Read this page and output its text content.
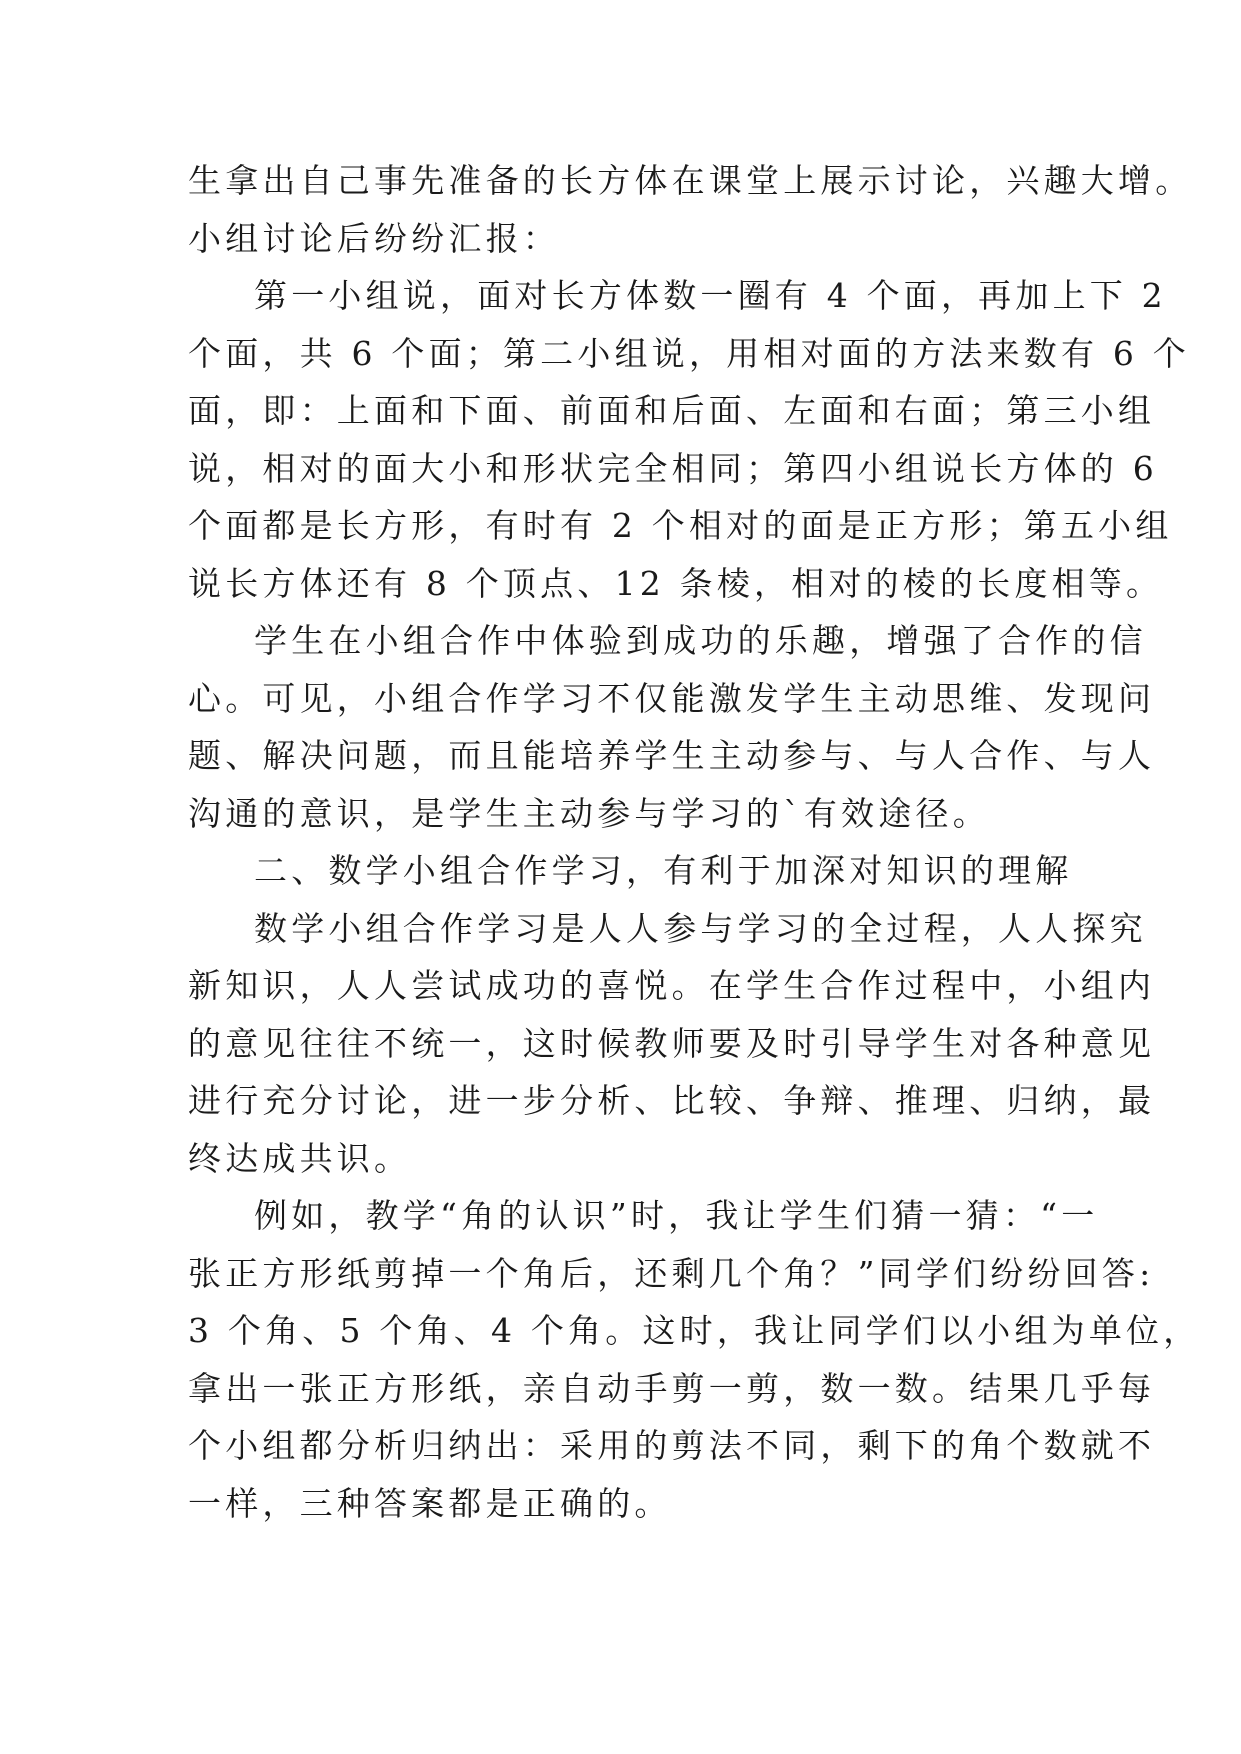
生拿出自己事先准备的长方体在课堂上展示讨论，兴趣大增。
小组讨论后纷纷汇报：
第一小组说，面对长方体数一圈有 4 个面，再加上下 2
个面，共 6 个面；第二小组说，用相对面的方法来数有 6 个
面，即：上面和下面、前面和后面、左面和右面；第三小组
说，相对的面大小和形状完全相同；第四小组说长方体的 6
个面都是长方形，有时有 2 个相对的面是正方形；第五小组
说长方体还有 8 个顶点、12 条棱，相对的棱的长度相等。
学生在小组合作中体验到成功的乐趣，增强了合作的信
心。可见，小组合作学习不仅能激发学生主动思维、发现问
题、解决问题，而且能培养学生主动参与、与人合作、与人
沟通的意识，是学生主动参与学习的`有效途径。
二、数学小组合作学习，有利于加深对知识的理解
数学小组合作学习是人人参与学习的全过程，人人探究
新知识，人人尝试成功的喜悦。在学生合作过程中，小组内
的意见往往不统一，这时候教师要及时引导学生对各种意见
进行充分讨论，进一步分析、比较、争辩、推理、归纳，最
终达成共识。
例如，教学“角的认识”时，我让学生们猜一猜：“一
张正方形纸剪掉一个角后，还剩几个角？”同学们纷纷回答:
3 个角、5 个角、4 个角。这时，我让同学们以小组为单位，
拿出一张正方形纸，亲自动手剪一剪，数一数。结果几乎每
个小组都分析归纳出：采用的剪法不同，剩下的角个数就不
一样，三种答案都是正确的。
